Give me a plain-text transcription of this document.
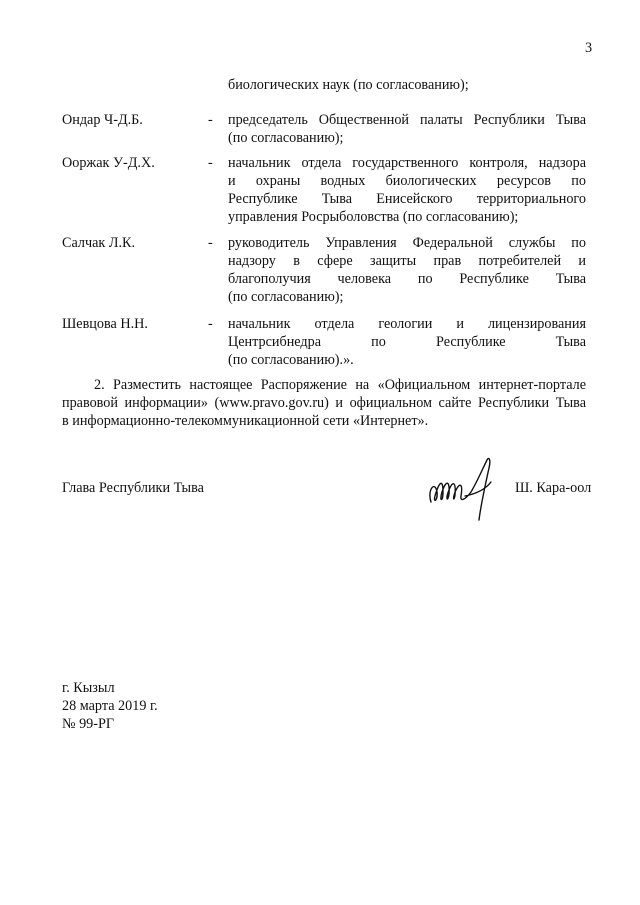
3
биологических наук (по согласованию);
Ондар Ч-Д.Б.	- председатель Общественной палаты Республики Тыва
(по согласованию);
Ооржак У-Д.Х.	- начальник отдела государственного контроля, надзора
и охраны водных биологических ресурсов по
Республике Тыва Енисейского территориального
управления Росрыболовства (по согласованию);
Салчак Л.К.	- руководитель Управления Федеральной службы по
надзору в сфере защиты прав потребителей и
благополучия человека по Республике Тыва
(по согласованию);
Шевцова Н.Н.	- начальник отдела геологии и лицензирования
Центрсибнедра по Республике Тыва
(по согласованию).».
2. Разместить настоящее Распоряжение на «Официальном интернет-портале
правовой информации» (www.pravo.gov.ru) и официальном сайте Республики Тыва
в информационно-телекоммуникационной сети «Интернет».
Глава Республики Тыва	Ш. Кара-оол
г. Кызыл
28 марта 2019 г.
№ 99-РГ
